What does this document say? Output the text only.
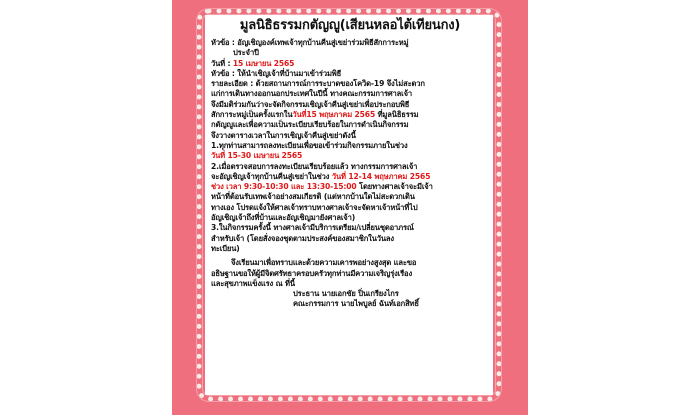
มูลนิธิธรรมกตัญญู(เสียนหลอไต้เทียนกง)
หัวข้อ : อัญเชิญองค์เทพเจ้าทุกบ้านคืนสู่เขย่าร่วมพิธีสักการะหมู่
ประจำปี
วันที่ : 15 เมษายน 2565
หัวข้อ : ให้นำเชิญเจ้าที่บ้านมาเข้าร่วมพิธี
รายละเอียด : ด้วยสถานการณ์การระบาดของโควิด-19 จึงไม่สะดวก
แก่การเดินทางออกนอกประเทศในปีนี้ ทางคณะกรรมการศาลเจ้า
จึงมีมติร่วมกันว่าจะจัดกิจกรรมเชิญเจ้าคืนสู่เขย่าเพื่อประกอบพิธี
สักการะหมู่เป็นครั้งแรกในวันที่15 พฤษภาคม 2565 ที่มูลนิธิธรรม
กตัญญูและเพื่อความเป็นระเบียบเรียบร้อยในการดำเนินกิจกรรม
จึงวางตารางเวลาในการเชิญเจ้าคืนสู่เขย่าดังนี้
1.ทุกท่านสามารถลงทะเบียนเพื่อขอเข้าร่วมกิจกรรมภายในช่วง
วันที่ 15-30 เมษายน 2565
2.เมื่อตรวจสอบการลงทะเบียนเรียบร้อยแล้ว ทางกรรมการศาลเจ้า
จะอัญเชิญเจ้าทุกบ้านคืนสู่เขย่าในช่วง วันที่ 12-14 พฤษภาคม 2565
ช่วง เวลา 9:30-10:30 และ 13:30-15:00 โดยทางศาลเจ้าจะมีเจ้า
หน้าที่ต้อนรับเทพเจ้าอย่างสมเกียรติ (แต่หากบ้านใดไม่สะดวกเดิน
ทางเอง โปรดแจ้งให้ศาลเจ้าทราบทางศาลเจ้าจะจัดหาเจ้าหน้าที่ไป
อัญเชิญเจ้าถึงที่บ้านและอัญเชิญมายังศาลเจ้า)
3.ในกิจกรรมครั้งนี้ ทางศาลเจ้ามีบริการเตรียม/เปลี่ยนชุดอาภรณ์
สำหรับเจ้า (โดยสั่งจองชุดตามประสงค์ของสมาชิกในวันลง
ทะเบียน)
จึงเรียนมาเพื่อทราบและด้วยความเคารพอย่างสูงสุด และขอ
อธิษฐานขอให้ผู้มีจิตศรัทธาครอบครัวทุกท่านมีความเจริญรุ่งเรือง
และสุขภาพแข็งแรง ณ ที่นี้
ประธาน นายเอกชัย ปิ่นเกรียงไกร
คณะกรรมการ นายไพบูลย์ ฉันท์เอกสิทธิ์
